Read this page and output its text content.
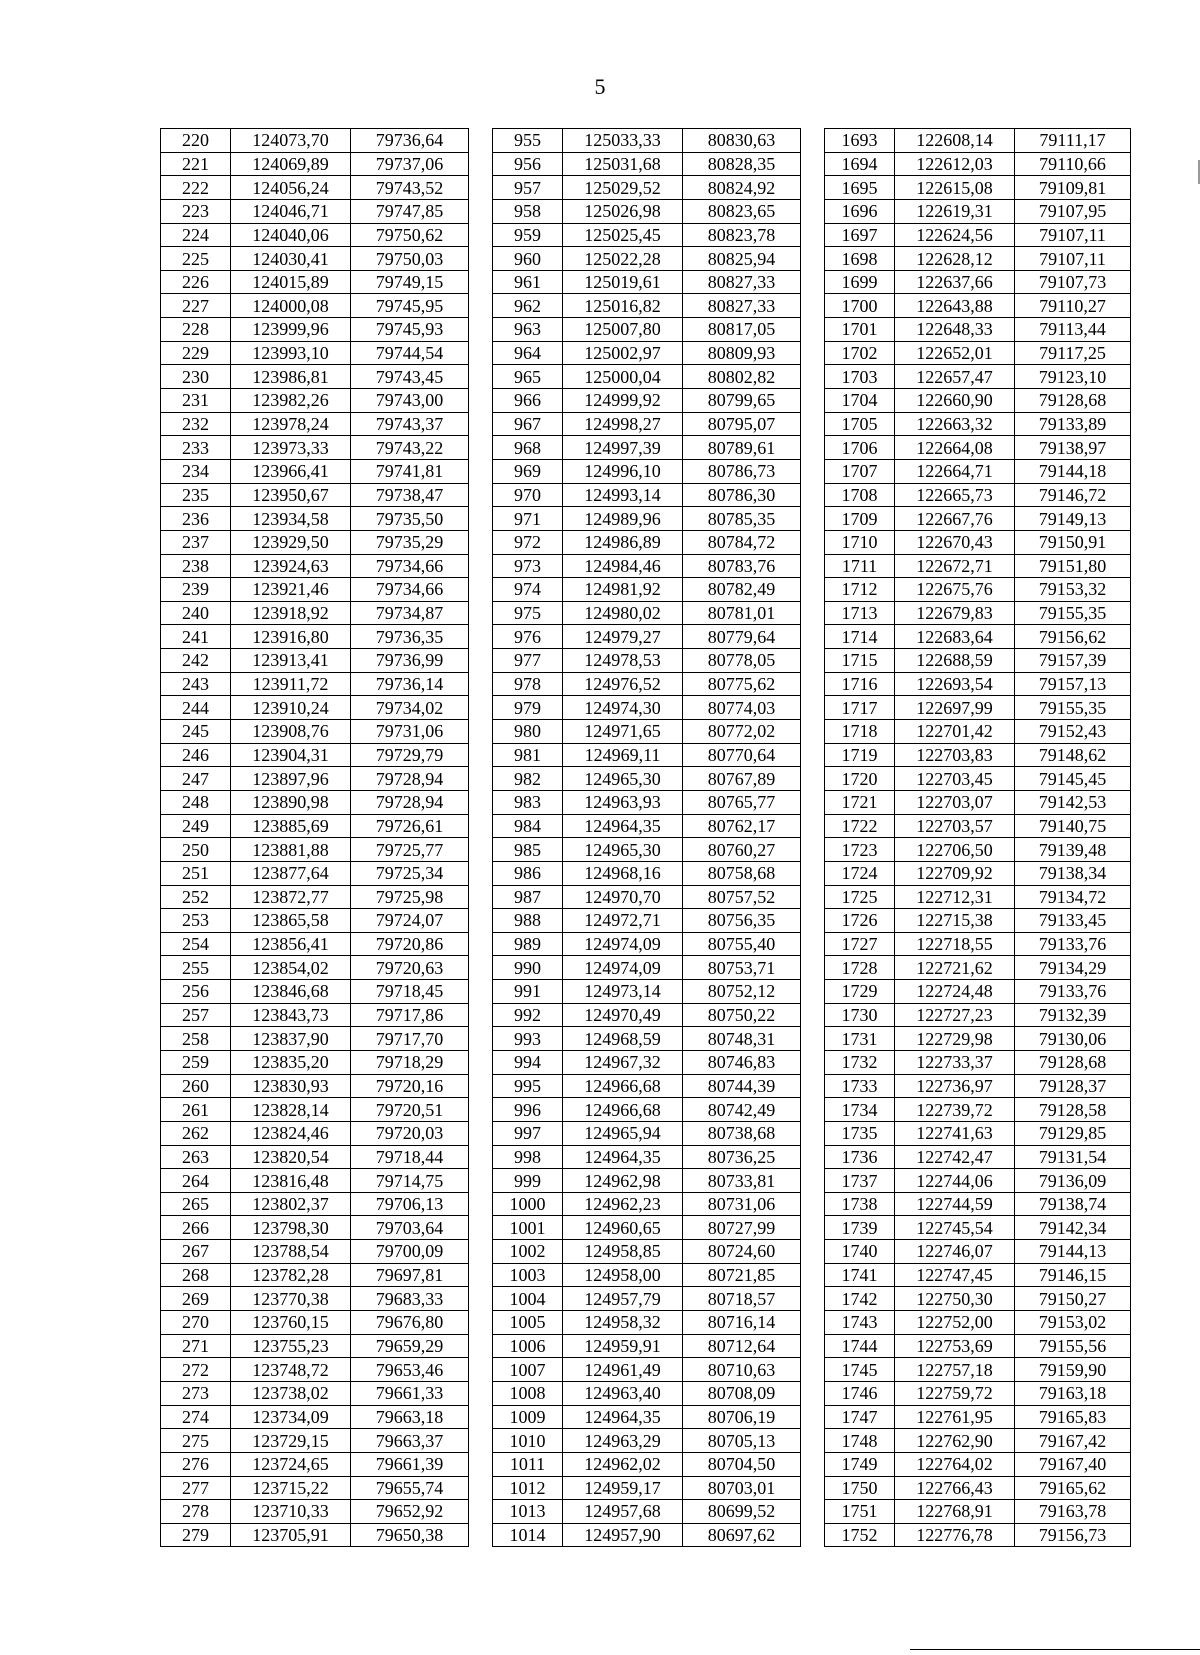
5
220	124073,70	79736,64		955	125033,33	80830,63		1693	122608,14	79111,17
221	124069,89	79737,06		956	125031,68	80828,35		1694	122612,03	79110,66
222	124056,24	79743,52		957	125029,52	80824,92		1695	122615,08	79109,81
223	124046,71	79747,85		958	125026,98	80823,65		1696	122619,31	79107,95
224	124040,06	79750,62		959	125025,45	80823,78		1697	122624,56	79107,11
225	124030,41	79750,03		960	125022,28	80825,94		1698	122628,12	79107,11
226	124015,89	79749,15		961	125019,61	80827,33		1699	122637,66	79107,73
227	124000,08	79745,95		962	125016,82	80827,33		1700	122643,88	79110,27
228	123999,96	79745,93		963	125007,80	80817,05		1701	122648,33	79113,44
229	123993,10	79744,54		964	125002,97	80809,93		1702	122652,01	79117,25
230	123986,81	79743,45		965	125000,04	80802,82		1703	122657,47	79123,10
231	123982,26	79743,00		966	124999,92	80799,65		1704	122660,90	79128,68
232	123978,24	79743,37		967	124998,27	80795,07		1705	122663,32	79133,89
233	123973,33	79743,22		968	124997,39	80789,61		1706	122664,08	79138,97
234	123966,41	79741,81		969	124996,10	80786,73		1707	122664,71	79144,18
235	123950,67	79738,47		970	124993,14	80786,30		1708	122665,73	79146,72
236	123934,58	79735,50		971	124989,96	80785,35		1709	122667,76	79149,13
237	123929,50	79735,29		972	124986,89	80784,72		1710	122670,43	79150,91
238	123924,63	79734,66		973	124984,46	80783,76		1711	122672,71	79151,80
239	123921,46	79734,66		974	124981,92	80782,49		1712	122675,76	79153,32
240	123918,92	79734,87		975	124980,02	80781,01		1713	122679,83	79155,35
241	123916,80	79736,35		976	124979,27	80779,64		1714	122683,64	79156,62
242	123913,41	79736,99		977	124978,53	80778,05		1715	122688,59	79157,39
243	123911,72	79736,14		978	124976,52	80775,62		1716	122693,54	79157,13
244	123910,24	79734,02		979	124974,30	80774,03		1717	122697,99	79155,35
245	123908,76	79731,06		980	124971,65	80772,02		1718	122701,42	79152,43
246	123904,31	79729,79		981	124969,11	80770,64		1719	122703,83	79148,62
247	123897,96	79728,94		982	124965,30	80767,89		1720	122703,45	79145,45
248	123890,98	79728,94		983	124963,93	80765,77		1721	122703,07	79142,53
249	123885,69	79726,61		984	124964,35	80762,17		1722	122703,57	79140,75
250	123881,88	79725,77		985	124965,30	80760,27		1723	122706,50	79139,48
251	123877,64	79725,34		986	124968,16	80758,68		1724	122709,92	79138,34
252	123872,77	79725,98		987	124970,70	80757,52		1725	122712,31	79134,72
253	123865,58	79724,07		988	124972,71	80756,35		1726	122715,38	79133,45
254	123856,41	79720,86		989	124974,09	80755,40		1727	122718,55	79133,76
255	123854,02	79720,63		990	124974,09	80753,71		1728	122721,62	79134,29
256	123846,68	79718,45		991	124973,14	80752,12		1729	122724,48	79133,76
257	123843,73	79717,86		992	124970,49	80750,22		1730	122727,23	79132,39
258	123837,90	79717,70		993	124968,59	80748,31		1731	122729,98	79130,06
259	123835,20	79718,29		994	124967,32	80746,83		1732	122733,37	79128,68
260	123830,93	79720,16		995	124966,68	80744,39		1733	122736,97	79128,37
261	123828,14	79720,51		996	124966,68	80742,49		1734	122739,72	79128,58
262	123824,46	79720,03		997	124965,94	80738,68		1735	122741,63	79129,85
263	123820,54	79718,44		998	124964,35	80736,25		1736	122742,47	79131,54
264	123816,48	79714,75		999	124962,98	80733,81		1737	122744,06	79136,09
265	123802,37	79706,13		1000	124962,23	80731,06		1738	122744,59	79138,74
266	123798,30	79703,64		1001	124960,65	80727,99		1739	122745,54	79142,34
267	123788,54	79700,09		1002	124958,85	80724,60		1740	122746,07	79144,13
268	123782,28	79697,81		1003	124958,00	80721,85		1741	122747,45	79146,15
269	123770,38	79683,33		1004	124957,79	80718,57		1742	122750,30	79150,27
270	123760,15	79676,80		1005	124958,32	80716,14		1743	122752,00	79153,02
271	123755,23	79659,29		1006	124959,91	80712,64		1744	122753,69	79155,56
272	123748,72	79653,46		1007	124961,49	80710,63		1745	122757,18	79159,90
273	123738,02	79661,33		1008	124963,40	80708,09		1746	122759,72	79163,18
274	123734,09	79663,18		1009	124964,35	80706,19		1747	122761,95	79165,83
275	123729,15	79663,37		1010	124963,29	80705,13		1748	122762,90	79167,42
276	123724,65	79661,39		1011	124962,02	80704,50		1749	122764,02	79167,40
277	123715,22	79655,74		1012	124959,17	80703,01		1750	122766,43	79165,62
278	123710,33	79652,92		1013	124957,68	80699,52		1751	122768,91	79163,78
279	123705,91	79650,38		1014	124957,90	80697,62		1752	122776,78	79156,73
